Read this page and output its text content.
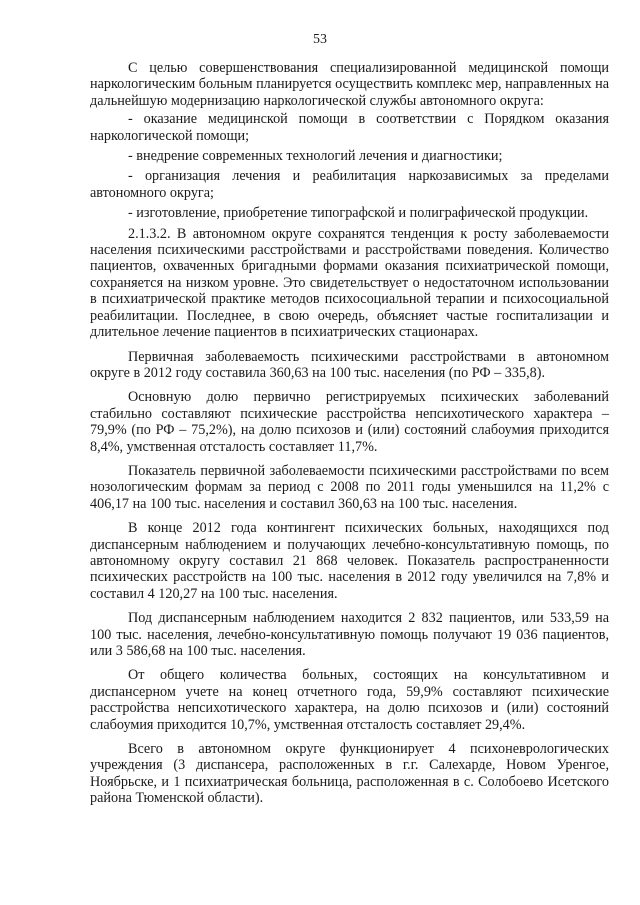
53

С целью совершенствования специализированной медицинской помощи наркологическим больным планируется осуществить комплекс мер, направленных на дальнейшую модернизацию наркологической службы автономного округа:

- оказание медицинской помощи в соответствии с Порядком оказания наркологической помощи;

- внедрение современных технологий лечения и диагностики;

- организация лечения и реабилитация наркозависимых за пределами автономного округа;

- изготовление, приобретение типографской и полиграфической продукции.

2.1.3.2. В автономном округе сохранятся тенденция к росту заболеваемости населения психическими расстройствами и расстройствами поведения. Количество пациентов, охваченных бригадными формами оказания психиатрической помощи, сохраняется на низком уровне. Это свидетельствует о недостаточном использовании в психиатрической практике методов психосоциальной терапии и психосоциальной реабилитации. Последнее, в свою очередь, объясняет частые госпитализации и длительное лечение пациентов в психиатрических стационарах.

Первичная заболеваемость психическими расстройствами в автономном округе в 2012 году составила 360,63 на 100 тыс. населения (по РФ – 335,8).

Основную долю первично регистрируемых психических заболеваний стабильно составляют психические расстройства непсихотического характера – 79,9% (по РФ – 75,2%), на долю психозов и (или) состояний слабоумия приходится 8,4%, умственная отсталость составляет 11,7%.

Показатель первичной заболеваемости психическими расстройствами по всем нозологическим формам за период с 2008 по 2011 годы уменьшился на 11,2% с 406,17 на 100 тыс. населения и составил 360,63 на 100 тыс. населения.

В конце 2012 года контингент психических больных, находящихся под диспансерным наблюдением и получающих лечебно-консультативную помощь, по автономному округу составил 21 868 человек. Показатель распространенности психических расстройств на 100 тыс. населения в 2012 году увеличился на 7,8% и составил 4 120,27 на 100 тыс. населения.

Под диспансерным наблюдением находится 2 832 пациентов, или 533,59 на 100 тыс. населения, лечебно-консультативную помощь получают 19 036 пациентов, или 3 586,68 на 100 тыс. населения.

От общего количества больных, состоящих на консультативном и диспансерном учете на конец отчетного года, 59,9% составляют психические расстройства непсихотического характера, на долю психозов и (или) состояний слабоумия приходится 10,7%, умственная отсталость составляет 29,4%.

Всего в автономном округе функционирует 4 психоневрологических учреждения (3 диспансера, расположенных в г.г. Салехарде, Новом Уренгое, Ноябрьске, и 1 психиатрическая больница, расположенная в с. Солобоево Исетского района Тюменской области).
